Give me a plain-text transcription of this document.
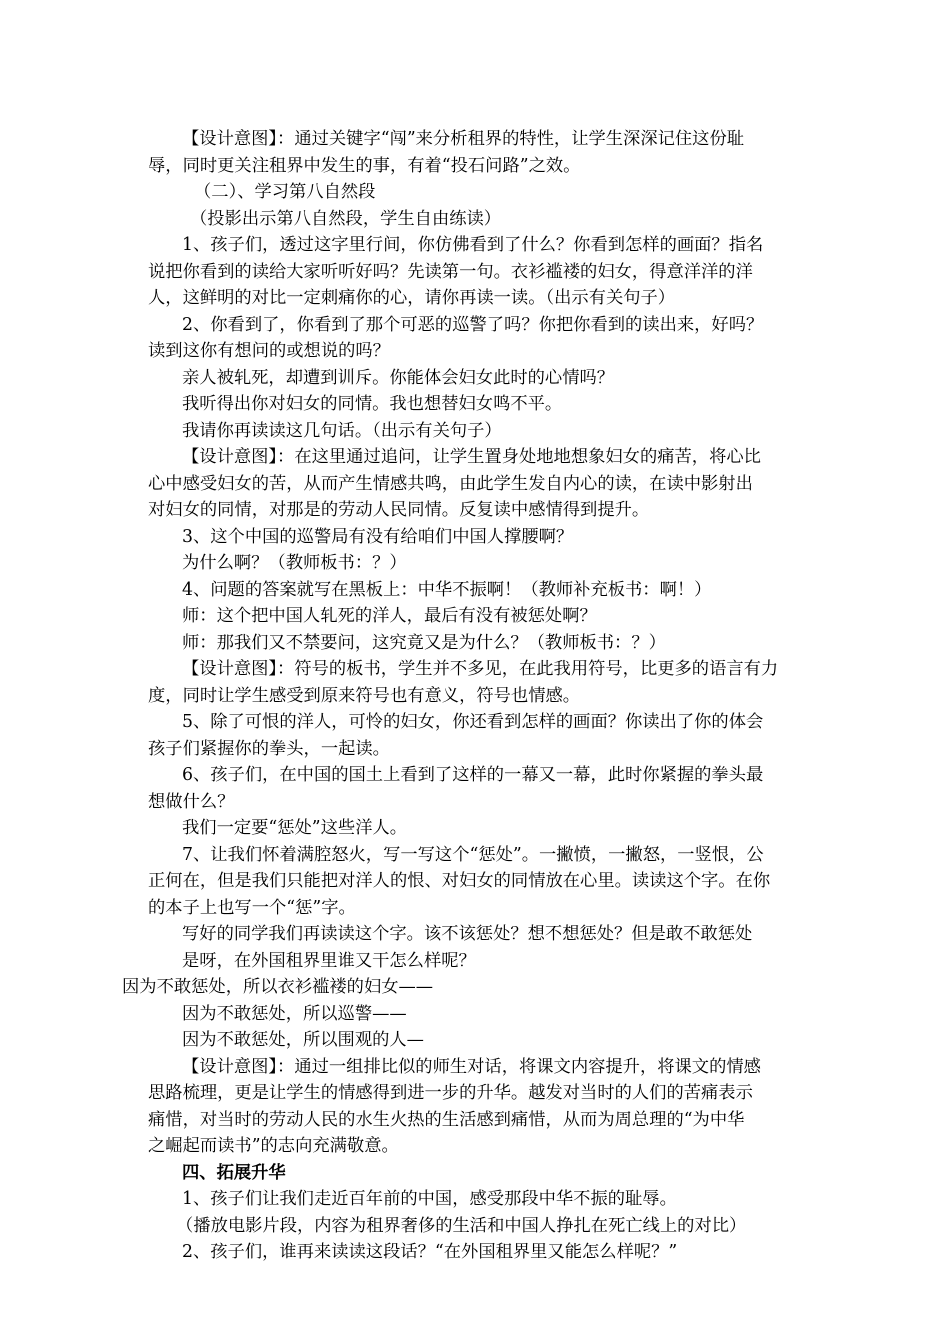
【设计意图】：通过关键字“闯”来分析租界的特性，让学生深深记住这份耻

辱，同时更关注租界中发生的事，有着“投石问路”之效。

（二）、学习第八自然段

（投影出示第八自然段，学生自由练读）

1、孩子们，透过这字里行间，你仿佛看到了什么？你看到怎样的画面？指名

说把你看到的读给大家听听好吗？先读第一句。衣衫褴褛的妇女，得意洋洋的洋

人，这鲜明的对比一定刺痛你的心，请你再读一读。（出示有关句子）

2、你看到了，你看到了那个可恶的巡警了吗？你把你看到的读出来，好吗？

读到这你有想问的或想说的吗？

亲人被轧死，却遭到训斥。你能体会妇女此时的心情吗？

我听得出你对妇女的同情。我也想替妇女鸣不平。

我请你再读读这几句话。（出示有关句子）

【设计意图】：在这里通过追问，让学生置身处地地想象妇女的痛苦，将心比

心中感受妇女的苦，从而产生情感共鸣，由此学生发自内心的读，在读中影射出

对妇女的同情，对那是的劳动人民同情。反复读中感情得到提升。

3、这个中国的巡警局有没有给咱们中国人撑腰啊？

为什么啊？（教师板书：？）

4、问题的答案就写在黑板上：中华不振啊！（教师补充板书：啊！）

师：这个把中国人轧死的洋人，最后有没有被惩处啊？

师：那我们又不禁要问，这究竟又是为什么？（教师板书：？）

【设计意图】：符号的板书，学生并不多见，在此我用符号，比更多的语言有力

度，同时让学生感受到原来符号也有意义，符号也情感。

5、除了可恨的洋人，可怜的妇女，你还看到怎样的画面？你读出了你的体会

孩子们紧握你的拳头，一起读。

6、孩子们，在中国的国土上看到了这样的一幕又一幕，此时你紧握的拳头最

想做什么？

我们一定要“惩处”这些洋人。

7、让我们怀着满腔怒火，写一写这个“惩处”。一撇愤，一撇怒，一竖恨，公

正何在，但是我们只能把对洋人的恨、对妇女的同情放在心里。读读这个字。在你

的本子上也写一个“惩”字。

写好的同学我们再读读这个字。该不该惩处？想不想惩处？但是敢不敢惩处

是呀，在外国租界里谁又干怎么样呢？

因为不敢惩处，所以衣衫褴褛的妇女——

因为不敢惩处，所以巡警——

因为不敢惩处，所以围观的人—

【设计意图】：通过一组排比似的师生对话，将课文内容提升，将课文的情感

思路梳理，更是让学生的情感得到进一步的升华。越发对当时的人们的苦痛表示

痛惜，对当时的劳动人民的水生火热的生活感到痛惜，从而为周总理的“为中华

之崛起而读书”的志向充满敬意。

四、拓展升华

1、孩子们让我们走近百年前的中国，感受那段中华不振的耻辱。

（播放电影片段，内容为租界奢侈的生活和中国人挣扎在死亡线上的对比）

2、孩子们，谁再来读读这段话？“在外国租界里又能怎么样呢？”
